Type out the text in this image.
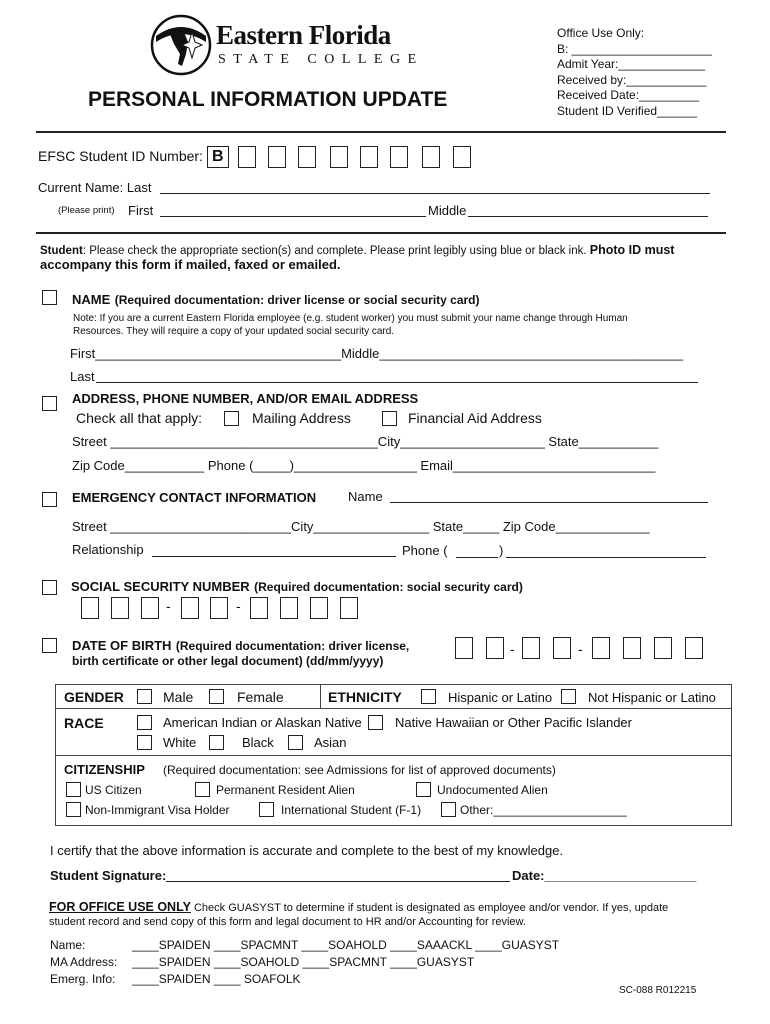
Eastern Florida
STATE COLLEGE
PERSONAL INFORMATION UPDATE
Office Use Only:
B: _____________________
Admit Year:_____________
Received by:____________
Received Date:_________
Student ID Verified______
EFSC Student ID Number: B
Current Name: Last
(Please print) First	Middle
Student: Please check the appropriate section(s) and complete. Please print legibly using blue or black ink. Photo ID must
accompany this form if mailed, faxed or emailed.
NAME (Required documentation: driver license or social security card)
Note: If you are a current Eastern Florida employee (e.g. student worker) you must submit your name change through Human
Resources. They will require a copy of your updated social security card.
First__________________________________Middle__________________________________________
Last
ADDRESS, PHONE NUMBER, AND/OR EMAIL ADDRESS
Check all that apply:	Mailing Address	Financial Aid Address
Street _____________________________________City____________________ State___________
Zip Code___________ Phone (_____)_________________ Email____________________________
EMERGENCY CONTACT INFORMATION Name
Street _________________________City________________ State_____ Zip Code_____________
Relationship	Phone (	)
SOCIAL SECURITY NUMBER (Required documentation: social security card)
-	-
DATE OF BIRTH (Required documentation: driver license,
birth certificate or other legal document) (dd/mm/yyyy)
-	-
GENDER	Male	Female	ETHNICITY	Hispanic or Latino	Not Hispanic or Latino
RACE	American Indian or Alaskan Native	Native Hawaiian or Other Pacific Islander
White	Black	Asian
CITIZENSHIP (Required documentation: see Admissions for list of approved documents)
US Citizen	Permanent Resident Alien	Undocumented Alien
Non-Immigrant Visa Holder	International Student (F-1)	Other:____________________
I certify that the above information is accurate and complete to the best of my knowledge.
Student Signature:	Date:_____________________
FOR OFFICE USE ONLY Check GUASYST to determine if student is designated as employee and/or vendor. If yes, update
student record and send copy of this form and legal document to HR and/or Accounting for review.
Name:	____SPAIDEN ____SPACMNT ____SOAHOLD ____SAAACKL ____GUASYST
MA Address: ____SPAIDEN ____SOAHOLD ____SPACMNT ____GUASYST
Emerg. Info: ____SPAIDEN ____ SOAFOLK
SC-088 R012215
